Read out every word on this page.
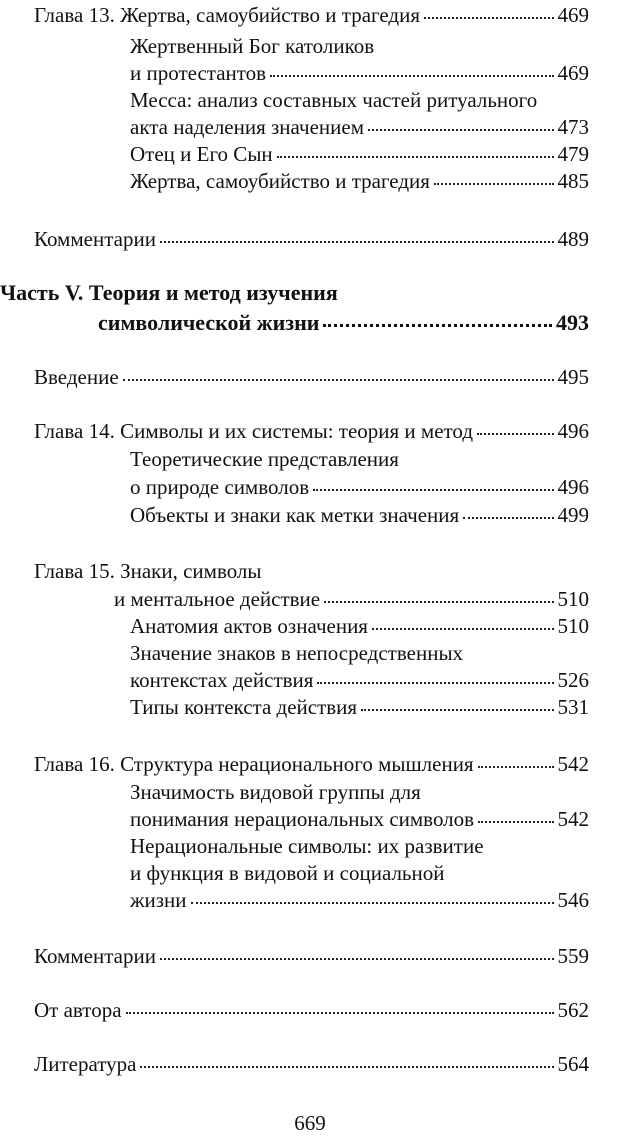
Глава 13. Жертва, самоубийство и трагедия	469
Жертвенный Бог католиков
и протестантов	469
Месса: анализ составных частей ритуального
акта наделения значением	473
Отец и Его Сын	479
Жертва, самоубийство и трагедия	485
Комментарии	489
Часть V. Теория и метод изучения
символической жизни	493
Введение	495
Глава 14. Символы и их системы: теория и метод	496
Теоретические представления
о природе символов	496
Объекты и знаки как метки значения	499
Глава 15. Знаки, символы
и ментальное действие	510
Анатомия актов означения	510
Значение знаков в непосредственных
контекстах действия	526
Типы контекста действия	531
Глава 16. Структура нерационального мышления	542
Значимость видовой группы для
понимания нерациональных символов	542
Нерациональные символы: их развитие
и функция в видовой и социальной
жизни	546
Комментарии	559
От автора	562
Литература	564
669
